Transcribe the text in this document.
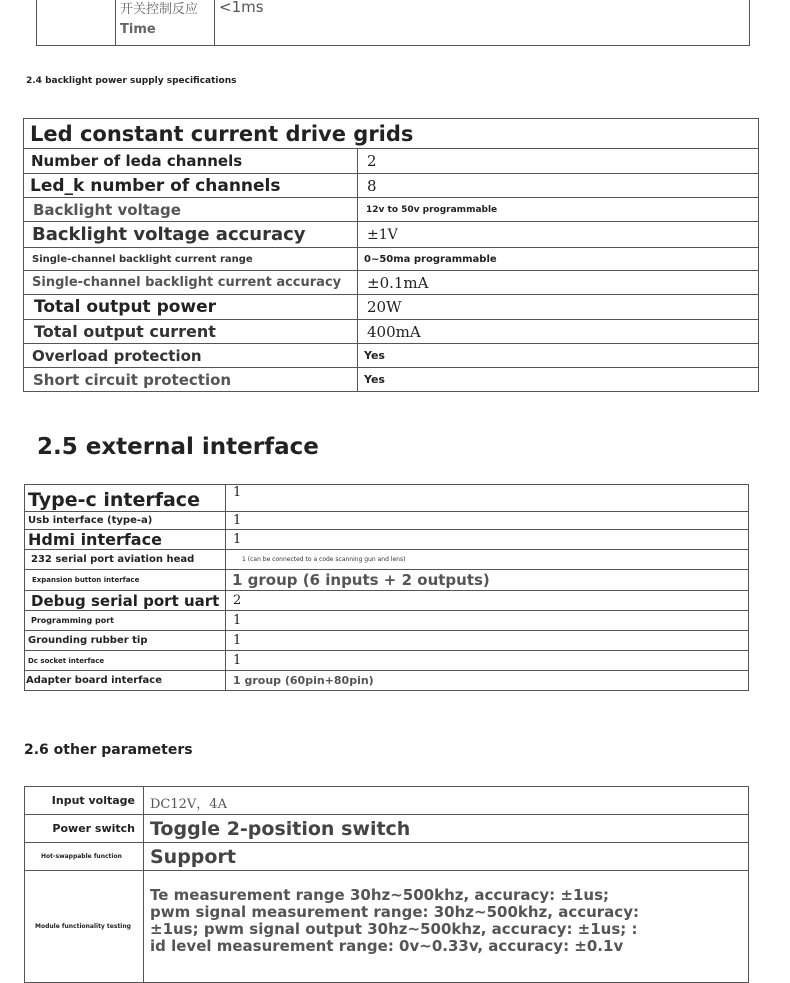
开关控制反应
Time
	<1ms
2.4 backlight power supply specifications
Led constant current drive grids	
Number of leda channels	2
Led_k number of channels	8
Backlight voltage	12v to 50v programmable
Backlight voltage accuracy	±1V
Single-channel backlight current range	0~50ma programmable
Single-channel backlight current accuracy	±0.1mA
Total output power	20W
Total output current	400mA
Overload protection	Yes
Short circuit protection	Yes
2.5 external interface
Type-c interface	1
Usb interface (type-a)	1
Hdmi interface	1
232 serial port aviation head	1 (can be connected to a code scanning gun and lens)
Expansion button interface	1 group (6 inputs + 2 outputs)
Debug serial port uart	2
Programming port	1
Grounding rubber tip	1
Dc socket interface	1
Adapter board interface	1 group (60pin+80pin)
2.6 other parameters
Input voltage	DC12V，4A
Power switch	Toggle 2-position switch
Hot-swappable function	Support
Module functionality testing	Te measurement range 30hz~500khz, accuracy: ±1us; pwm signal measurement range: 30hz~500khz, accuracy: ±1us; pwm signal output 30hz~500khz, accuracy: ±1us; : id level measurement range: 0v~0.33v, accuracy: ±0.1v
